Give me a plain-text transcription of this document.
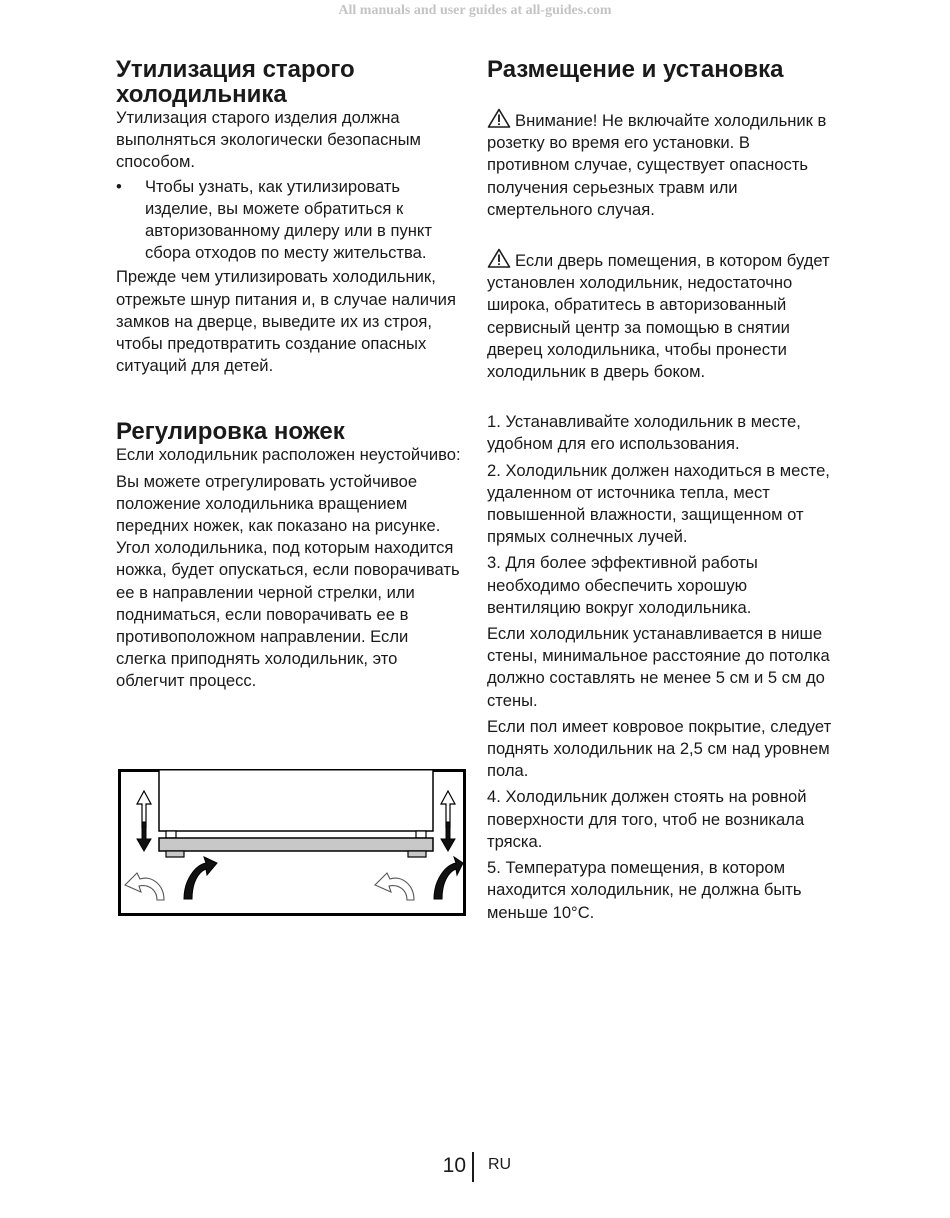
All manuals and user guides at all-guides.com
Утилизация старого холодильника

Утилизация старого изделия должна выполняться экологически безопасным способом.

• Чтобы узнать, как утилизировать изделие, вы можете обратиться к авторизованному дилеру или в пункт сбора отходов по месту жительства.

Прежде чем утилизировать холодильник, отрежьте шнур питания и, в случае наличия замков на дверце, выведите их из строя, чтобы предотвратить создание опасных ситуаций для детей.

Регулировка ножек

Если холодильник расположен неустойчиво:

Вы можете отрегулировать устойчивое положение холодильника вращением передних ножек, как показано на рисунке. Угол холодильника, под которым находится ножка, будет опускаться, если поворачивать ее в направлении черной стрелки, или подниматься, если поворачивать ее в противоположном направлении. Если слегка приподнять холодильник, это облегчит процесс.

Размещение и установка

Внимание! Не включайте холодильник в розетку во время его установки. В противном случае, существует опасность получения серьезных травм или смертельного случая.

Если дверь помещения, в котором будет установлен холодильник, недостаточно широка, обратитесь в авторизованный сервисный центр за помощью в снятии дверец холодильника, чтобы пронести холодильник в дверь боком.

1. Устанавливайте холодильник в месте, удобном для его использования.

2. Холодильник должен находиться в месте, удаленном от источника тепла, мест повышенной влажности, защищенном от прямых солнечных лучей.

3. Для более эффективной работы необходимо обеспечить хорошую вентиляцию вокруг холодильника.

Если холодильник устанавливается в нише стены, минимальное расстояние до потолка должно составлять не менее 5 см и 5 см до стены.

Если пол имеет ковровое покрытие, следует поднять холодильник на 2,5 см над уровнем пола.

4. Холодильник должен стоять на ровной поверхности для того, чтоб не возникала тряска.

5. Температура помещения, в котором находится холодильник, не должна быть меньше 10°С.

10 RU
